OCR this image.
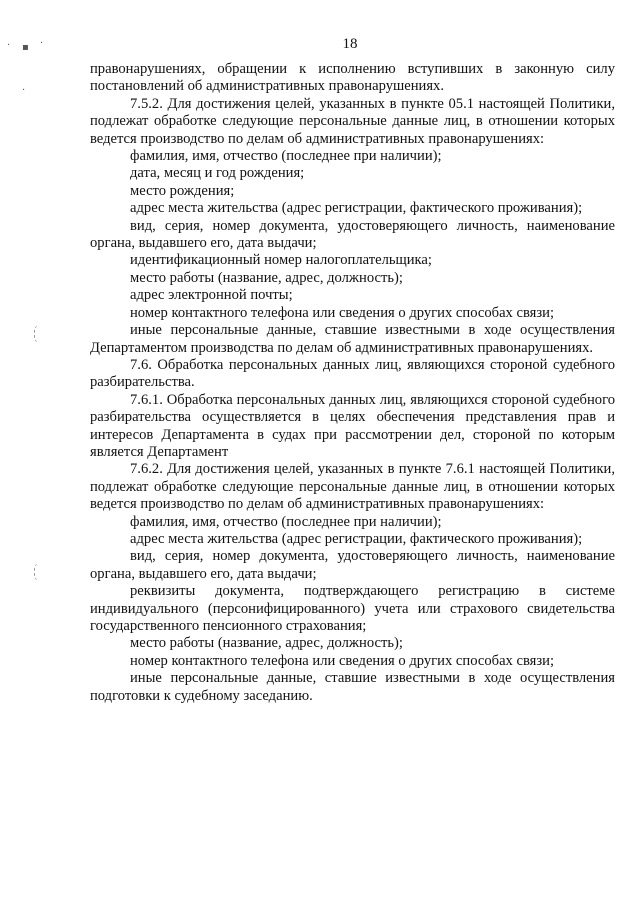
· ▪ ·
·
18

правонарушениях, обращении к исполнению вступивших в законную силу постановлений об административных правонарушениях.

7.5.2. Для достижения целей, указанных в пункте 05.1 настоящей Политики, подлежат обработке следующие персональные данные лиц, в отношении которых ведется производство по делам об административных правонарушениях:

фамилия, имя, отчество (последнее при наличии);

дата, месяц и год рождения;

место рождения;

адрес места жительства (адрес регистрации, фактического проживания);

вид, серия, номер документа, удостоверяющего личность, наименование органа, выдавшего его, дата выдачи;

идентификационный номер налогоплательщика;

место работы (название, адрес, должность);

адрес электронной почты;

номер контактного телефона или сведения о других способах связи;

иные персональные данные, ставшие известными в ходе осуществления Департаментом производства по делам об административных правонарушениях.

7.6. Обработка персональных данных лиц, являющихся стороной судебного разбирательства.

7.6.1. Обработка персональных данных лиц, являющихся стороной судебного разбирательства осуществляется в целях обеспечения представления прав и интересов Департамента в судах при рассмотрении дел, стороной по которым является Департамент

7.6.2. Для достижения целей, указанных в пункте 7.6.1 настоящей Политики, подлежат обработке следующие персональные данные лиц, в отношении которых ведется производство по делам об административных правонарушениях:

фамилия, имя, отчество (последнее при наличии);

адрес места жительства (адрес регистрации, фактического проживания);

вид, серия, номер документа, удостоверяющего личность, наименование органа, выдавшего его, дата выдачи;

реквизиты документа, подтверждающего регистрацию в системе индивидуального (персонифицированного) учета или страхового свидетельства государственного пенсионного страхования;

место работы (название, адрес, должность);

номер контактного телефона или сведения о других способах связи;

иные персональные данные, ставшие известными в ходе осуществления подготовки к судебному заседанию.
